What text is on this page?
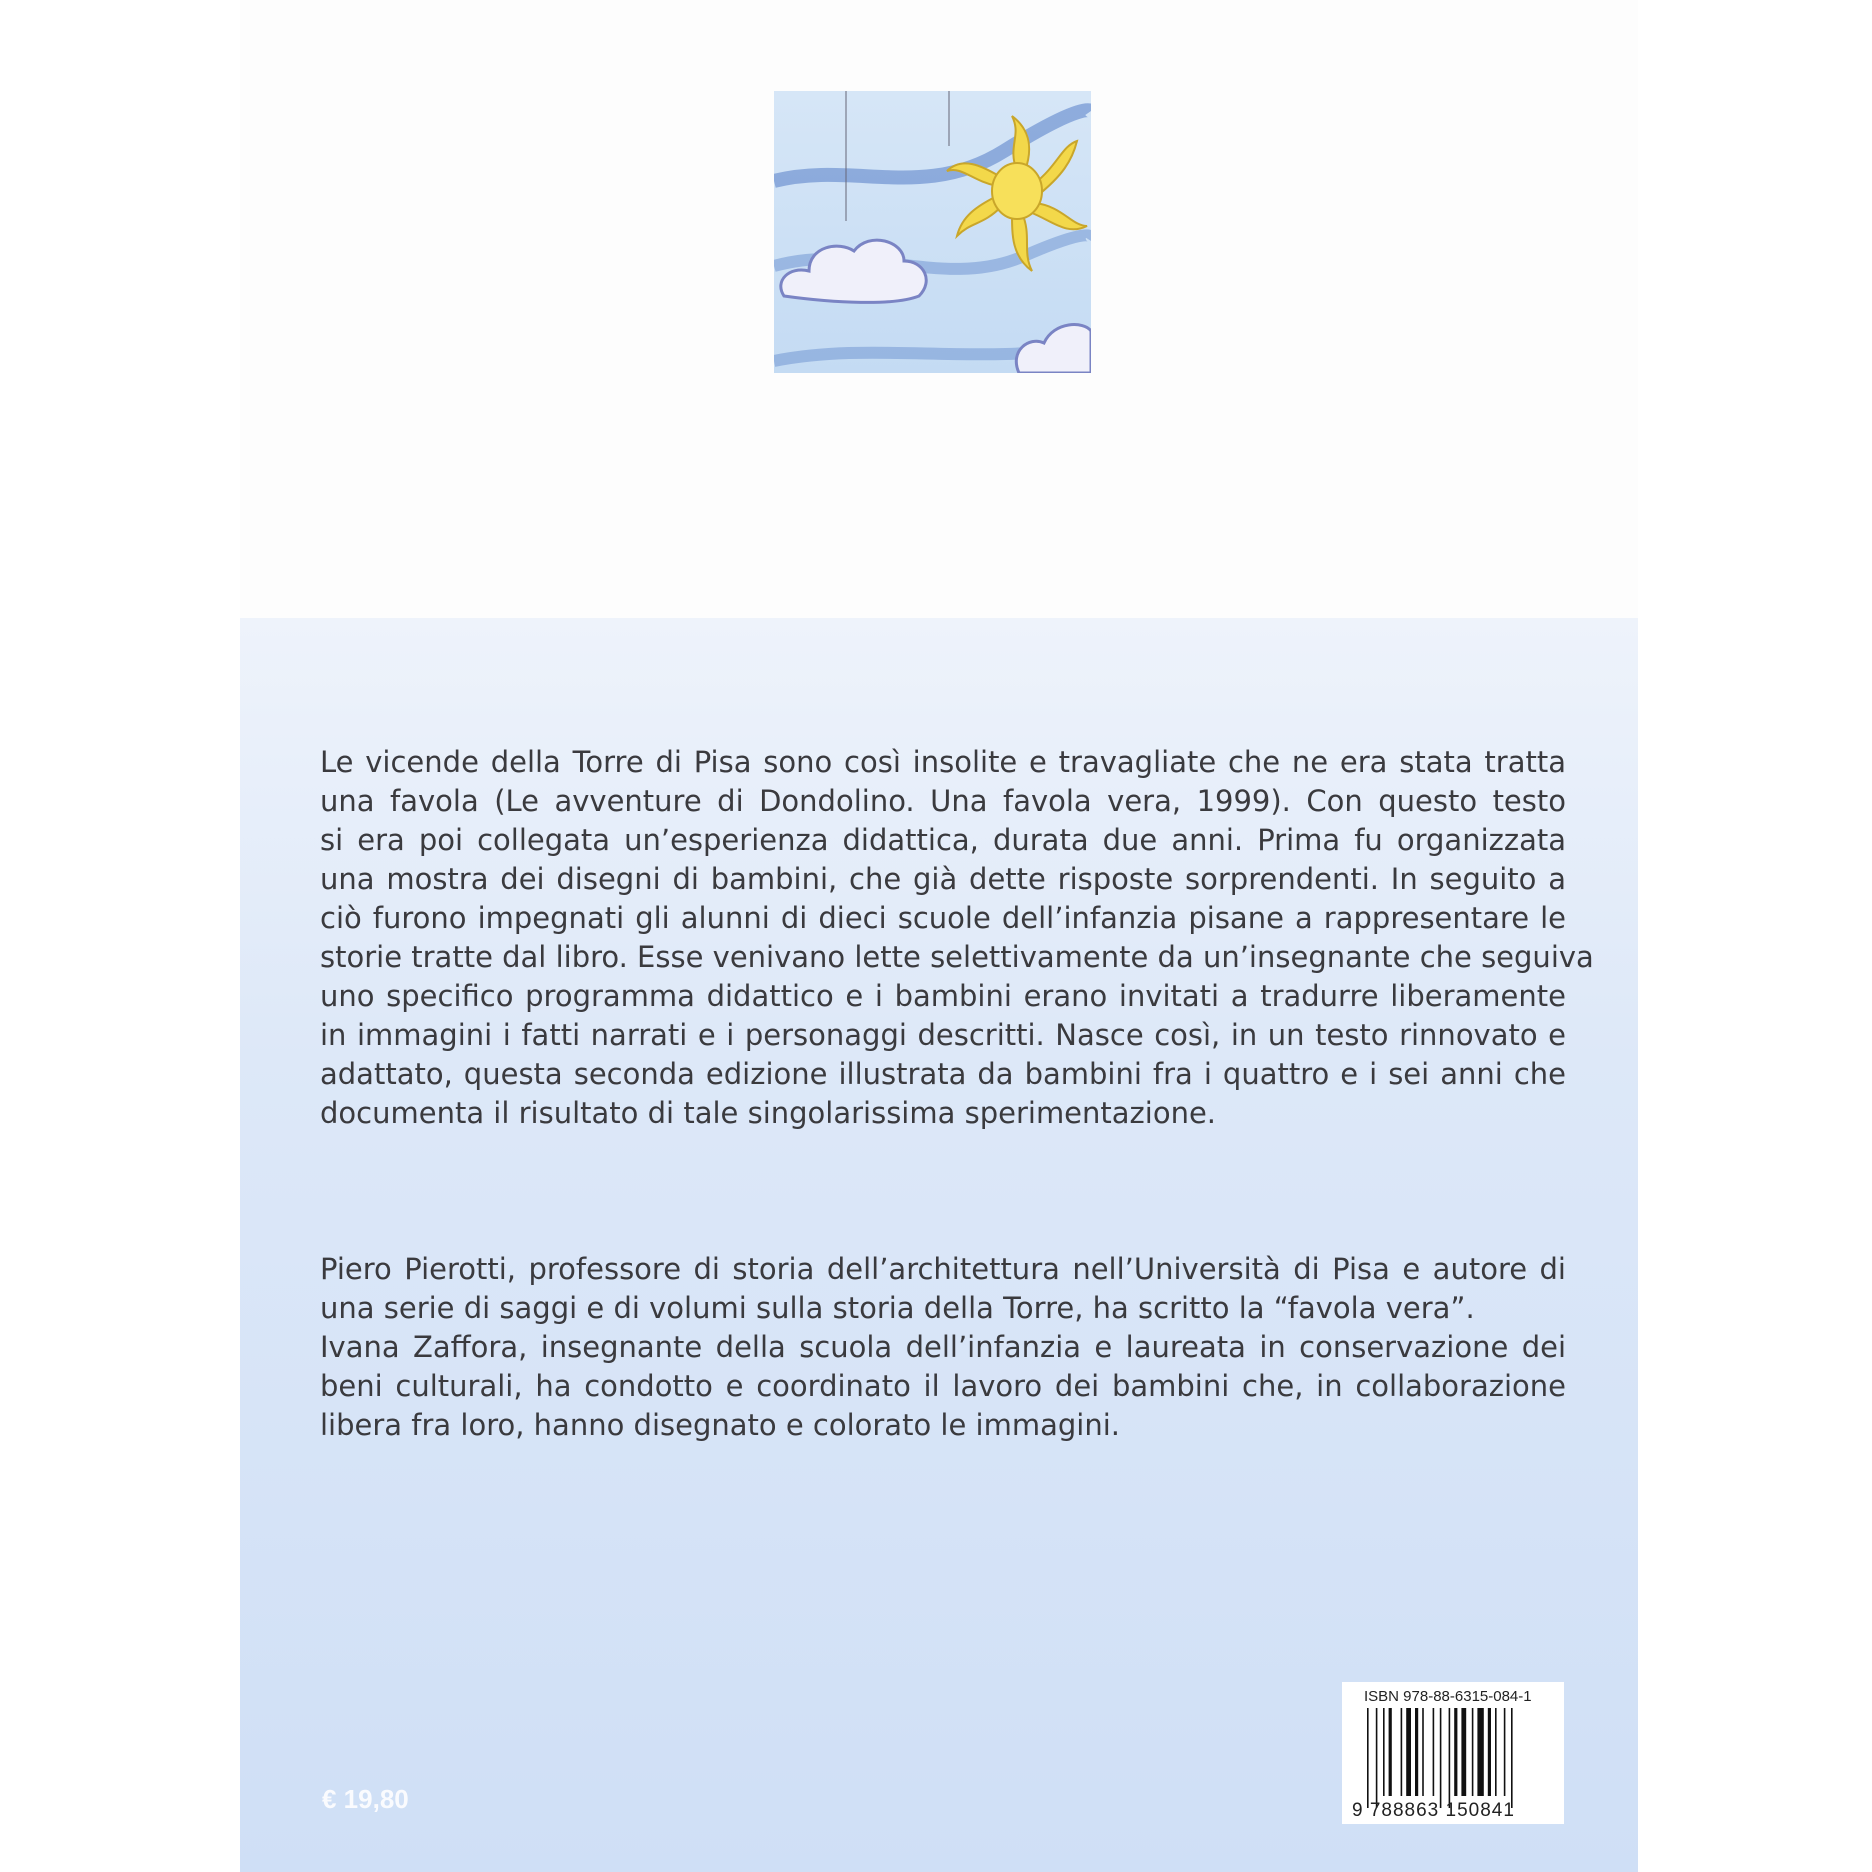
Le vicende della Torre di Pisa sono così insolite e travagliate che ne era stata tratta
una favola (Le avventure di Dondolino. Una favola vera, 1999). Con questo testo
si era poi collegata un’esperienza didattica, durata due anni. Prima fu organizzata
una mostra dei disegni di bambini, che già dette risposte sorprendenti. In seguito a
ciò furono impegnati gli alunni di dieci scuole dell’infanzia pisane a rappresentare le
storie tratte dal libro. Esse venivano lette selettivamente da un’insegnante che seguiva
uno specifico programma didattico e i bambini erano invitati a tradurre liberamente
in immagini i fatti narrati e i personaggi descritti. Nasce così, in un testo rinnovato e
adattato, questa seconda edizione illustrata da bambini fra i quattro e i sei anni che
documenta il risultato di tale singolarissima sperimentazione.
Piero Pierotti, professore di storia dell’architettura nell’Università di Pisa e autore di
una serie di saggi e di volumi sulla storia della Torre, ha scritto la “favola vera”.
Ivana Zaffora, insegnante della scuola dell’infanzia e laureata in conservazione dei
beni culturali, ha condotto e coordinato il lavoro dei bambini che, in collaborazione
libera fra loro, hanno disegnato e colorato le immagini.
€ 19,80
ISBN 978-88-6315-084-1
9 788863 150841
